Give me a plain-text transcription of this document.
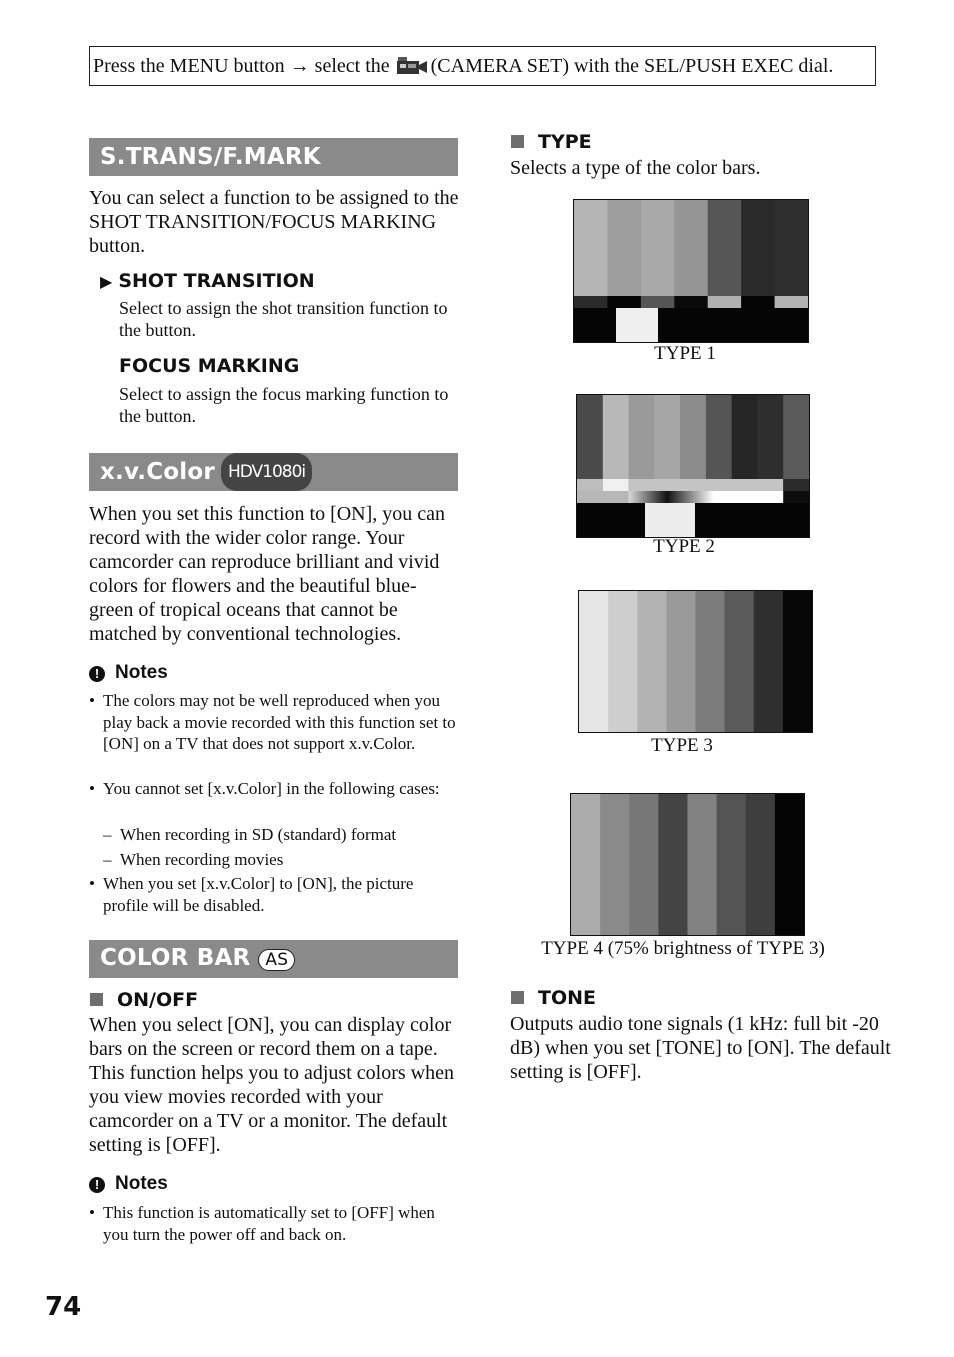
Press the MENU button → select the (CAMERA SET) with the SEL/PUSH EXEC dial.
S.TRANS/F.MARK
You can select a function to be assigned to the SHOT TRANSITION/FOCUS MARKING button.
▶ SHOT TRANSITION
Select to assign the shot transition function to the button.
FOCUS MARKING
Select to assign the focus marking function to the button.
x.v.Color HDV1080i
When you set this function to [ON], you can record with the wider color range. Your camcorder can reproduce brilliant and vivid colors for flowers and the beautiful blue-green of tropical oceans that cannot be matched by conventional technologies.
! Notes
• The colors may not be well reproduced when you play back a movie recorded with this function set to [ON] on a TV that does not support x.v.Color.
• You cannot set [x.v.Color] in the following cases:
– When recording in SD (standard) format
– When recording movies
• When you set [x.v.Color] to [ON], the picture profile will be disabled.
COLOR BAR AS
ON/OFF
When you select [ON], you can display color bars on the screen or record them on a tape. This function helps you to adjust colors when you view movies recorded with your camcorder on a TV or a monitor. The default setting is [OFF].
! Notes
• This function is automatically set to [OFF] when you turn the power off and back on.
TYPE
Selects a type of the color bars.
TYPE 1
TYPE 2
TYPE 3
TYPE 4 (75% brightness of TYPE 3)
TONE
Outputs audio tone signals (1 kHz: full bit -20 dB) when you set [TONE] to [ON]. The default setting is [OFF].
74
